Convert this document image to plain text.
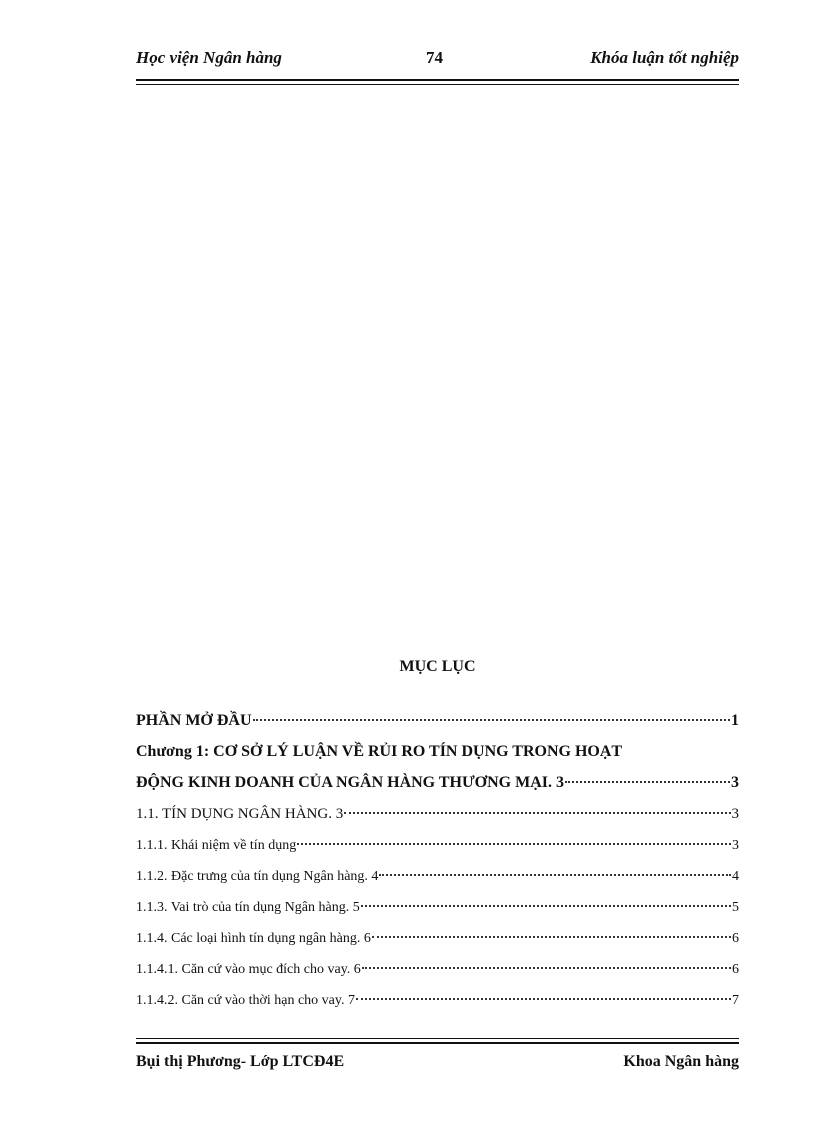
Học viện Ngân hàng	74	Khóa luận tốt nghiệp
MỤC LỤC
PHẦN MỞ ĐẦU	1
Chương 1: CƠ SỞ LÝ LUẬN VỀ RỦI RO TÍN DỤNG TRONG HOẠT
ĐỘNG KINH DOANH CỦA NGÂN HÀNG THƯƠNG MẠI. 3	3
1.1. TÍN DỤNG NGÂN HÀNG. 3	3
1.1.1. Khái niệm về tín dụng	3
1.1.2. Đặc trưng của tín dụng Ngân hàng. 4	4
1.1.3. Vai trò của tín dụng Ngân hàng. 5	5
1.1.4. Các loại hình tín dụng ngân hàng. 6	6
1.1.4.1. Căn cứ vào mục đích cho vay. 6	6
1.1.4.2. Căn cứ vào thời hạn cho vay. 7	7
Bụi thị Phương- Lớp LTCĐ4E	Khoa Ngân hàng
